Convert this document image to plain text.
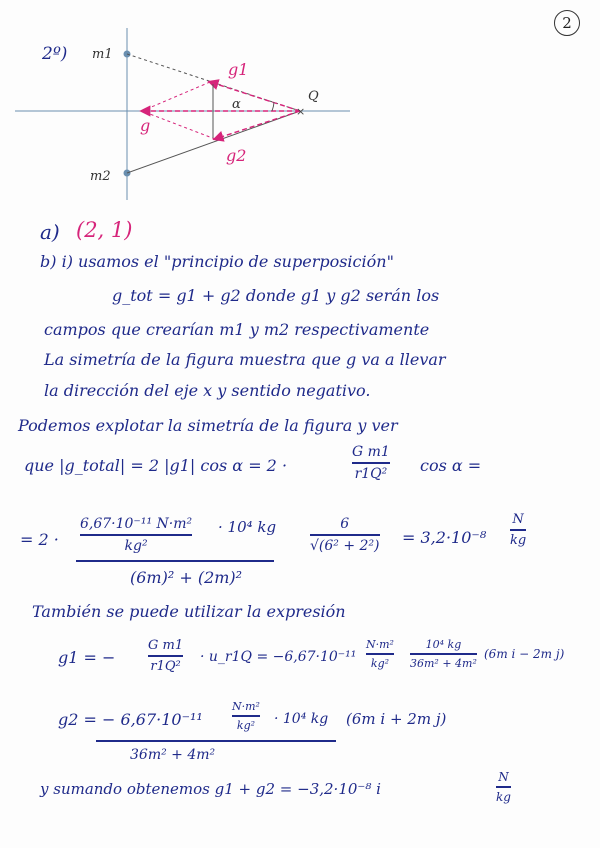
2
×
2º) m1
m2
g1
g2
g
α
Q
a) (2, 1)
b) i) usamos el "principio de superposición"
g_tot = g1 + g2 donde g1 y g2 serán los
campos que crearían m1 y m2 respectivamente
La simetría de la figura muestra que g va a llevar
la dirección del eje x y sentido negativo.
Podemos explotar la simetría de la figura y ver
que |g_total| = 2 |g1| cos α = 2 ·
G m1
r1Q² cos α =
= 2 ·
6,67·10⁻¹¹ N·m²
kg²
· 10⁴ kg
(6m)² + (2m)²
6
√(6² + 2²) = 3,2·10⁻⁸
N
kg
También se puede utilizar la expresión
g1 = −
G m1
r1Q²
· u_r1Q = −6,67·10⁻¹¹
N·m²
kg²
10⁴ kg
36m² + 4m²
(6m i − 2m j)
g2 = − 6,67·10⁻¹¹
N·m²
kg² · 10⁴ kg
36m² + 4m²
(6m i + 2m j)
y sumando obtenemos g1 + g2 = −3,2·10⁻⁸ i
N
kg
